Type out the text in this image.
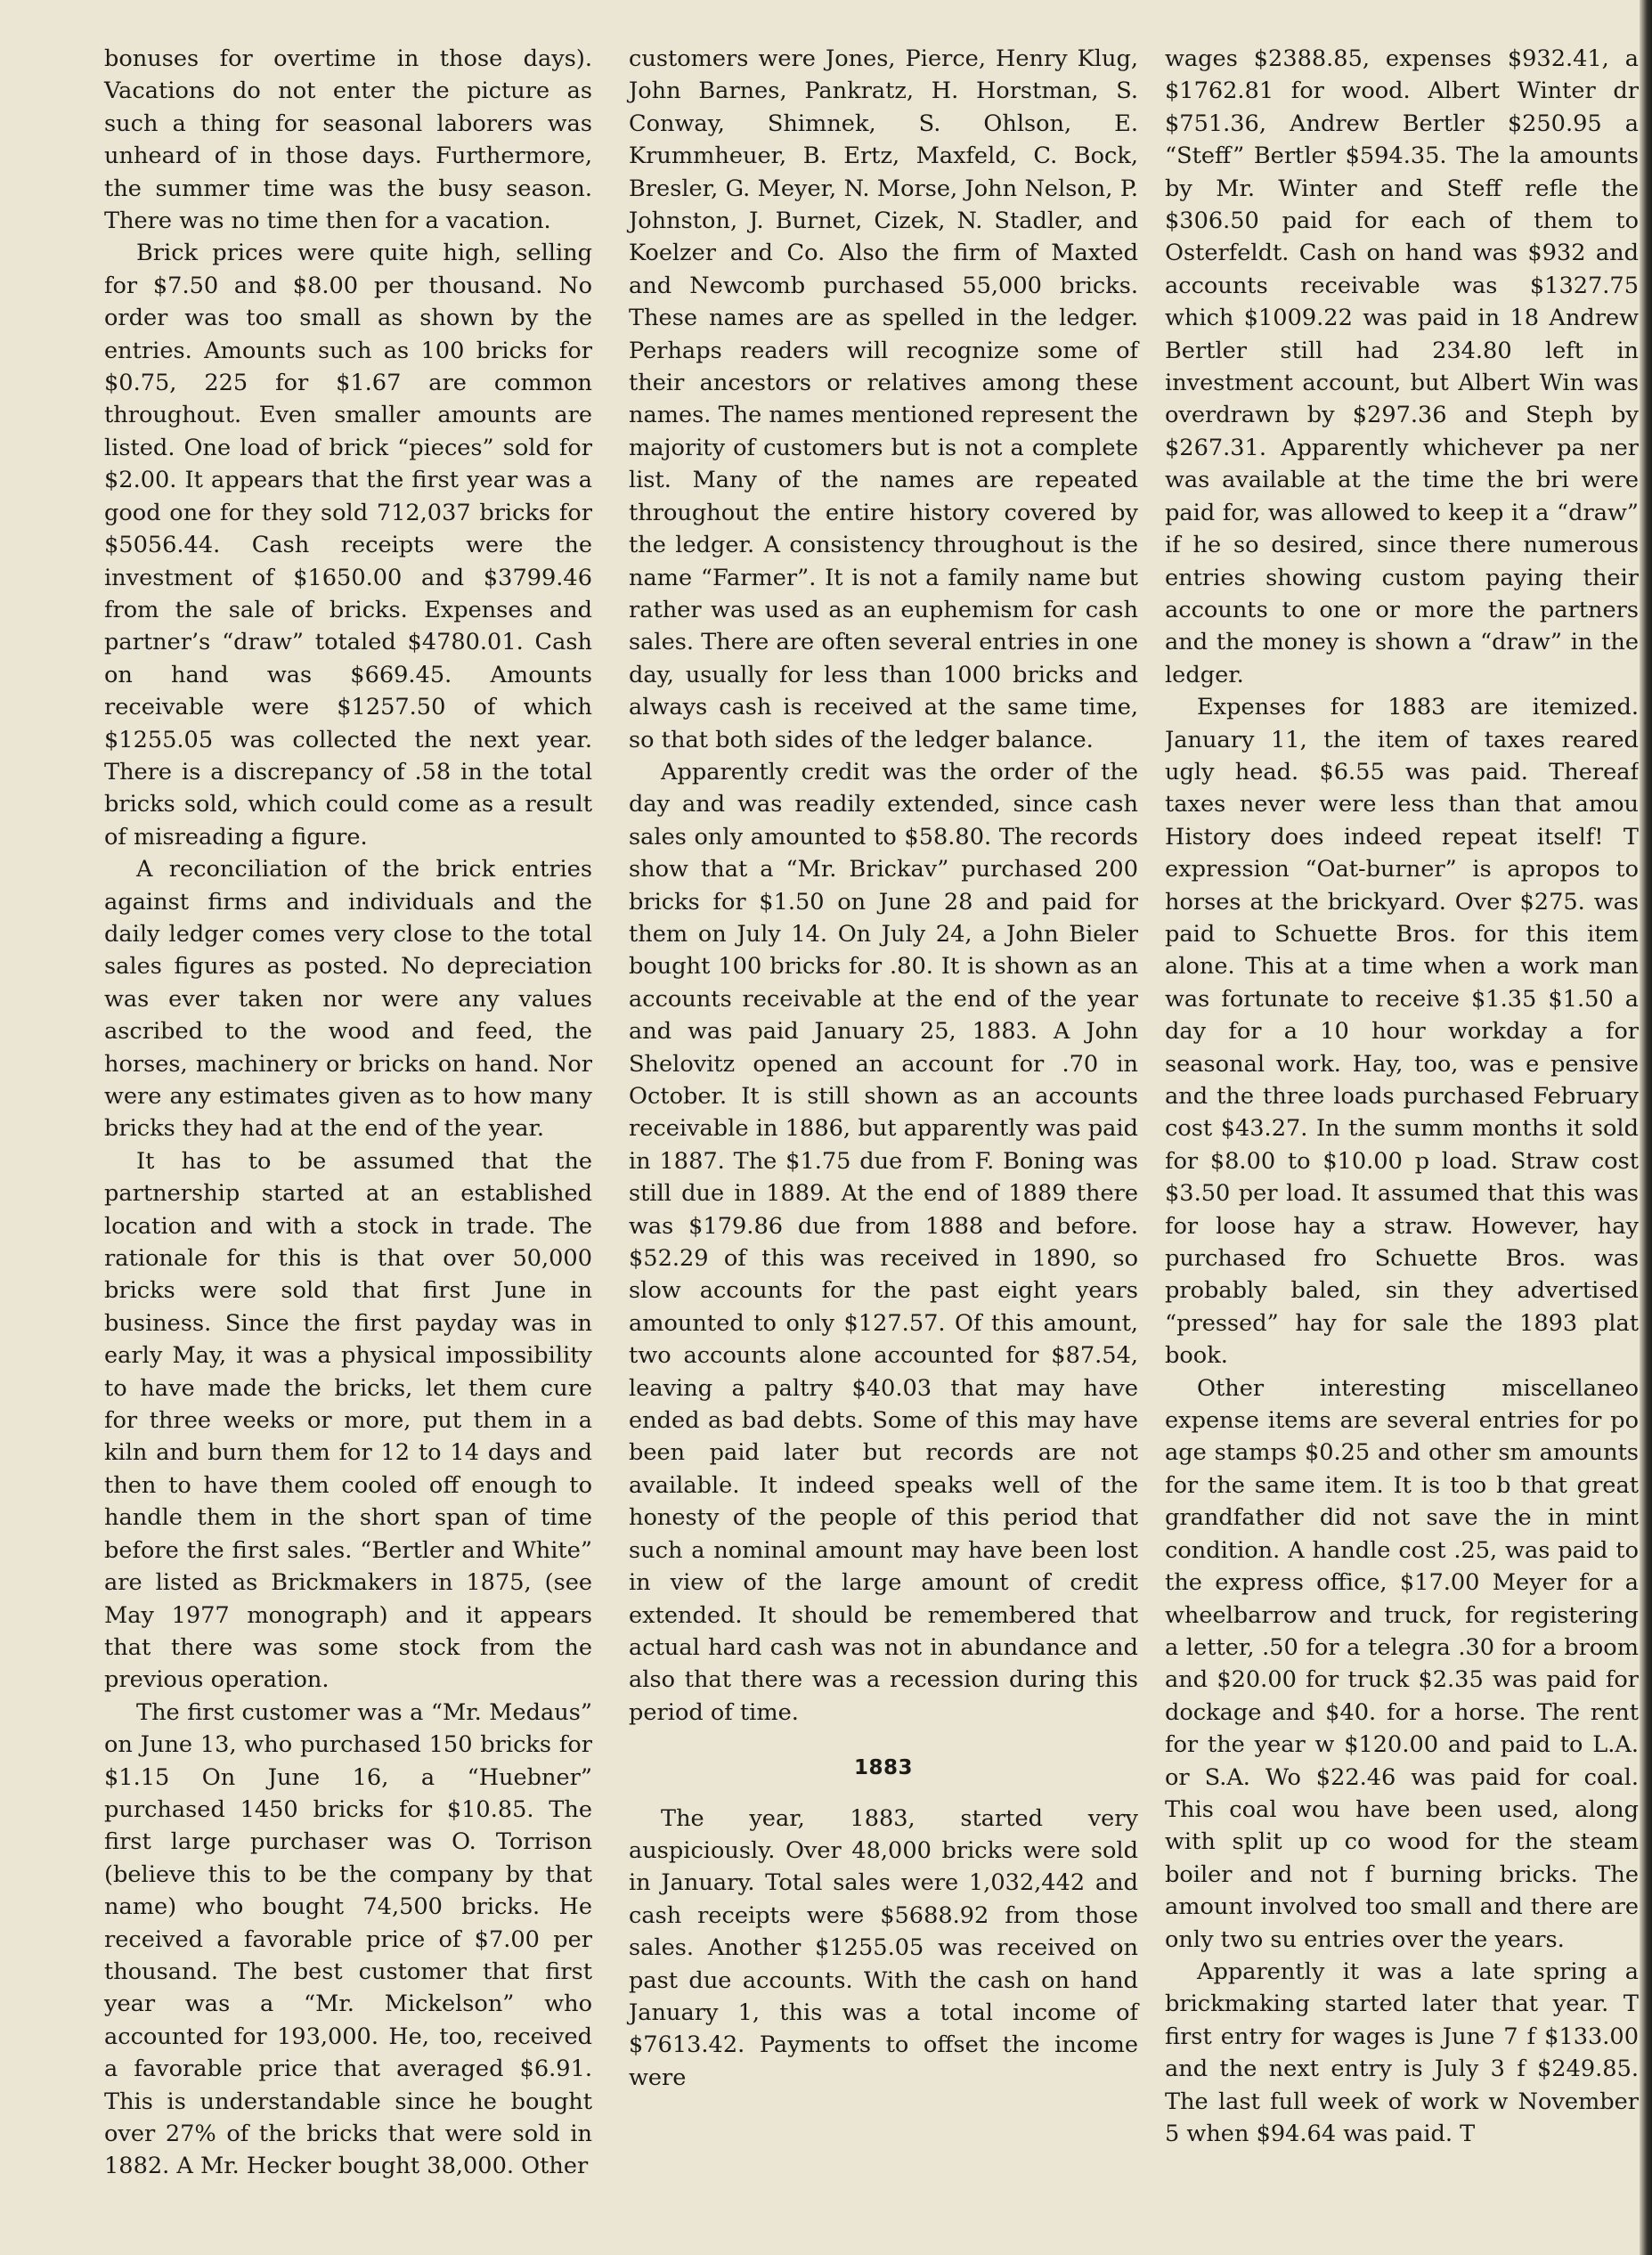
bonuses for overtime in those days). Vacations do not enter the picture as such a thing for seasonal laborers was unheard of in those days. Furthermore, the summer time was the busy season. There was no time then for a vacation.

Brick prices were quite high, selling for $7.50 and $8.00 per thousand. No order was too small as shown by the entries. Amounts such as 100 bricks for $0.75, 225 for $1.67 are common throughout. Even smaller amounts are listed. One load of brick “pieces” sold for $2.00. It appears that the first year was a good one for they sold 712,037 bricks for $5056.44. Cash receipts were the investment of $1650.00 and $3799.46 from the sale of bricks. Expenses and partner’s “draw” totaled $4780.01. Cash on hand was $669.45. Amounts receivable were $1257.50 of which $1255.05 was collected the next year. There is a discrepancy of .58 in the total bricks sold, which could come as a result of misreading a figure.

A reconciliation of the brick entries against firms and individuals and the daily ledger comes very close to the total sales figures as posted. No depreciation was ever taken nor were any values ascribed to the wood and feed, the horses, machinery or bricks on hand. Nor were any estimates given as to how many bricks they had at the end of the year.

It has to be assumed that the partnership started at an established location and with a stock in trade. The rationale for this is that over 50,000 bricks were sold that first June in business. Since the first payday was in early May, it was a physical impossibility to have made the bricks, let them cure for three weeks or more, put them in a kiln and burn them for 12 to 14 days and then to have them cooled off enough to handle them in the short span of time before the first sales. “Bertler and White” are listed as Brickmakers in 1875, (see May 1977 monograph) and it appears that there was some stock from the previous operation.

The first customer was a “Mr. Medaus” on June 13, who purchased 150 bricks for $1.15 On June 16, a “Huebner” purchased 1450 bricks for $10.85. The first large purchaser was O. Torrison (believe this to be the company by that name) who bought 74,500 bricks. He received a favorable price of $7.00 per thousand. The best customer that first year was a “Mr. Mickelson” who accounted for 193,000. He, too, received a favorable price that averaged $6.91. This is understandable since he bought over 27% of the bricks that were sold in 1882. A Mr. Hecker bought 38,000. Other

customers were Jones, Pierce, Henry Klug, John Barnes, Pankratz, H. Horstman, S. Conway, Shimnek, S. Ohlson, E. Krummheuer, B. Ertz, Maxfeld, C. Bock, Bresler, G. Meyer, N. Morse, John Nelson, P. Johnston, J. Burnet, Cizek, N. Stadler, and Koelzer and Co. Also the firm of Maxted and Newcomb purchased 55,000 bricks. These names are as spelled in the ledger. Perhaps readers will recognize some of their ancestors or relatives among these names. The names mentioned represent the majority of customers but is not a complete list. Many of the names are repeated throughout the entire history covered by the ledger. A consistency throughout is the name “Farmer”. It is not a family name but rather was used as an euphemism for cash sales. There are often several entries in one day, usually for less than 1000 bricks and always cash is received at the same time, so that both sides of the ledger balance.

Apparently credit was the order of the day and was readily extended, since cash sales only amounted to $58.80. The records show that a “Mr. Brickav” purchased 200 bricks for $1.50 on June 28 and paid for them on July 14. On July 24, a John Bieler bought 100 bricks for .80. It is shown as an accounts receivable at the end of the year and was paid January 25, 1883. A John Shelovitz opened an account for .70 in October. It is still shown as an accounts receivable in 1886, but apparently was paid in 1887. The $1.75 due from F. Boning was still due in 1889. At the end of 1889 there was $179.86 due from 1888 and before. $52.29 of this was received in 1890, so slow accounts for the past eight years amounted to only $127.57. Of this amount, two accounts alone accounted for $87.54, leaving a paltry $40.03 that may have ended as bad debts. Some of this may have been paid later but records are not available. It indeed speaks well of the honesty of the people of this period that such a nominal amount may have been lost in view of the large amount of credit extended. It should be remembered that actual hard cash was not in abundance and also that there was a recession during this period of time.

1883

The year, 1883, started very auspiciously. Over 48,000 bricks were sold in January. Total sales were 1,032,442 and cash receipts were $5688.92 from those sales. Another $1255.05 was received on past due accounts. With the cash on hand January 1, this was a total income of $7613.42. Payments to offset the income were

wages $2388.85, expenses $932.41, a $1762.81 for wood. Albert Winter dr $751.36, Andrew Bertler $250.95 a “Steff” Bertler $594.35. The la amounts by Mr. Winter and Steff refle the $306.50 paid for each of them to Osterfeldt. Cash on hand was $932 and accounts receivable was $1327.75 which $1009.22 was paid in 18 Andrew Bertler still had 234.80 left in investment account, but Albert Win was overdrawn by $297.36 and Steph by $267.31. Apparently whichever pa ner was available at the time the bri were paid for, was allowed to keep it a “draw” if he so desired, since there numerous entries showing custom paying their accounts to one or more the partners and the money is shown a “draw” in the ledger.

Expenses for 1883 are itemized. January 11, the item of taxes reared ugly head. $6.55 was paid. Thereaf taxes never were less than that amou History does indeed repeat itself! T expression “Oat-burner” is apropos to horses at the brickyard. Over $275. was paid to Schuette Bros. for this item alone. This at a time when a work man was fortunate to receive $1.35 $1.50 a day for a 10 hour workday a for seasonal work. Hay, too, was e pensive and the three loads purchased February cost $43.27. In the summ months it sold for $8.00 to $10.00 p load. Straw cost $3.50 per load. It assumed that this was for loose hay a straw. However, hay purchased fro Schuette Bros. was probably baled, sin they advertised “pressed” hay for sale the 1893 plat book.

Other interesting miscellaneo expense items are several entries for po age stamps $0.25 and other sm amounts for the same item. It is too b that great grandfather did not save the in mint condition. A handle cost .25, was paid to the express office, $17.00 Meyer for a wheelbarrow and truck, for registering a letter, .50 for a telegra .30 for a broom and $20.00 for truck $2.35 was paid for dockage and $40. for a horse. The rent for the year w $120.00 and paid to L.A. or S.A. Wo $22.46 was paid for coal. This coal wou have been used, along with split up co wood for the steam boiler and not f burning bricks. The amount involved too small and there are only two su entries over the years.

Apparently it was a late spring a brickmaking started later that year. T first entry for wages is June 7 f $133.00 and the next entry is July 3 f $249.85. The last full week of work w November 5 when $94.64 was paid. T
